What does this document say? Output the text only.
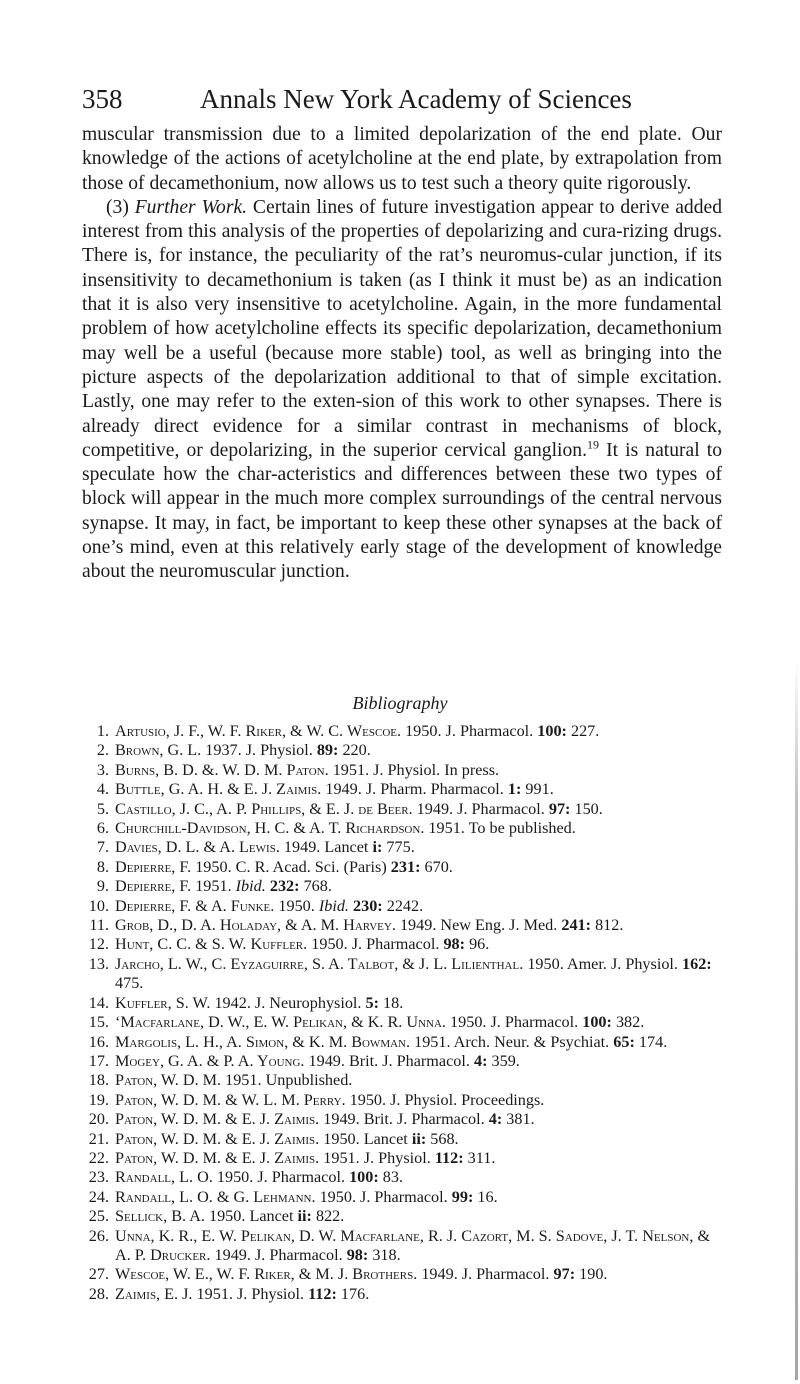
358	Annals New York Academy of Sciences

muscular transmission due to a limited depolarization of the end plate. Our knowledge of the actions of acetylcholine at the end plate, by extrapolation from those of decamethonium, now allows us to test such a theory quite rigorously.

(3) Further Work. Certain lines of future investigation appear to derive added interest from this analysis of the properties of depolarizing and cura-rizing drugs. There is, for instance, the peculiarity of the rat’s neuromus-cular junction, if its insensitivity to decamethonium is taken (as I think it must be) as an indication that it is also very insensitive to acetylcholine. Again, in the more fundamental problem of how acetylcholine effects its specific depolarization, decamethonium may well be a useful (because more stable) tool, as well as bringing into the picture aspects of the depolarization additional to that of simple excitation. Lastly, one may refer to the exten-sion of this work to other synapses. There is already direct evidence for a similar contrast in mechanisms of block, competitive, or depolarizing, in the superior cervical ganglion.$^{19}$ It is natural to speculate how the char-acteristics and differences between these two types of block will appear in the much more complex surroundings of the central nervous synapse. It may, in fact, be important to keep these other synapses at the back of one’s mind, even at this relatively early stage of the development of knowledge about the neuromuscular junction.

Bibliography
1. Artusio, J. F., W. F. Riker, & W. C. Wescoe. 1950. J. Pharmacol. 100: 227.
2. Brown, G. L. 1937. J. Physiol. 89: 220.
3. Burns, B. D. &. W. D. M. Paton. 1951. J. Physiol. In press.
4. Buttle, G. A. H. & E. J. Zaimis. 1949. J. Pharm. Pharmacol. 1: 991.
5. Castillo, J. C., A. P. Phillips, & E. J. de Beer. 1949. J. Pharmacol. 97: 150.
6. Churchill-Davidson, H. C. & A. T. Richardson. 1951. To be published.
7. Davies, D. L. & A. Lewis. 1949. Lancet i: 775.
8. Depierre, F. 1950. C. R. Acad. Sci. (Paris) 231: 670.
9. Depierre, F. 1951. Ibid. 232: 768.
10. Depierre, F. & A. Funke. 1950. Ibid. 230: 2242.
11. Grob, D., D. A. Holaday, & A. M. Harvey. 1949. New Eng. J. Med. 241: 812.
12. Hunt, C. C. & S. W. Kuffler. 1950. J. Pharmacol. 98: 96.
13. Jarcho, L. W., C. Eyzaguirre, S. A. Talbot, & J. L. Lilienthal. 1950. Amer. J. Physiol. 162: 475.
14. Kuffler, S. W. 1942. J. Neurophysiol. 5: 18.
15. ‘Macfarlane, D. W., E. W. Pelikan, & K. R. Unna. 1950. J. Pharmacol. 100: 382.
16. Margolis, L. H., A. Simon, & K. M. Bowman. 1951. Arch. Neur. & Psychiat. 65: 174.
17. Mogey, G. A. & P. A. Young. 1949. Brit. J. Pharmacol. 4: 359.
18. Paton, W. D. M. 1951. Unpublished.
19. Paton, W. D. M. & W. L. M. Perry. 1950. J. Physiol. Proceedings.
20. Paton, W. D. M. & E. J. Zaimis. 1949. Brit. J. Pharmacol. 4: 381.
21. Paton, W. D. M. & E. J. Zaimis. 1950. Lancet ii: 568.
22. Paton, W. D. M. & E. J. Zaimis. 1951. J. Physiol. 112: 311.
23. Randall, L. O. 1950. J. Pharmacol. 100: 83.
24. Randall, L. O. & G. Lehmann. 1950. J. Pharmacol. 99: 16.
25. Sellick, B. A. 1950. Lancet ii: 822.
26. Unna, K. R., E. W. Pelikan, D. W. Macfarlane, R. J. Cazort, M. S. Sadove, J. T. Nelson, & A. P. Drucker. 1949. J. Pharmacol. 98: 318.
27. Wescoe, W. E., W. F. Riker, & M. J. Brothers. 1949. J. Pharmacol. 97: 190.
28. Zaimis, E. J. 1951. J. Physiol. 112: 176.
